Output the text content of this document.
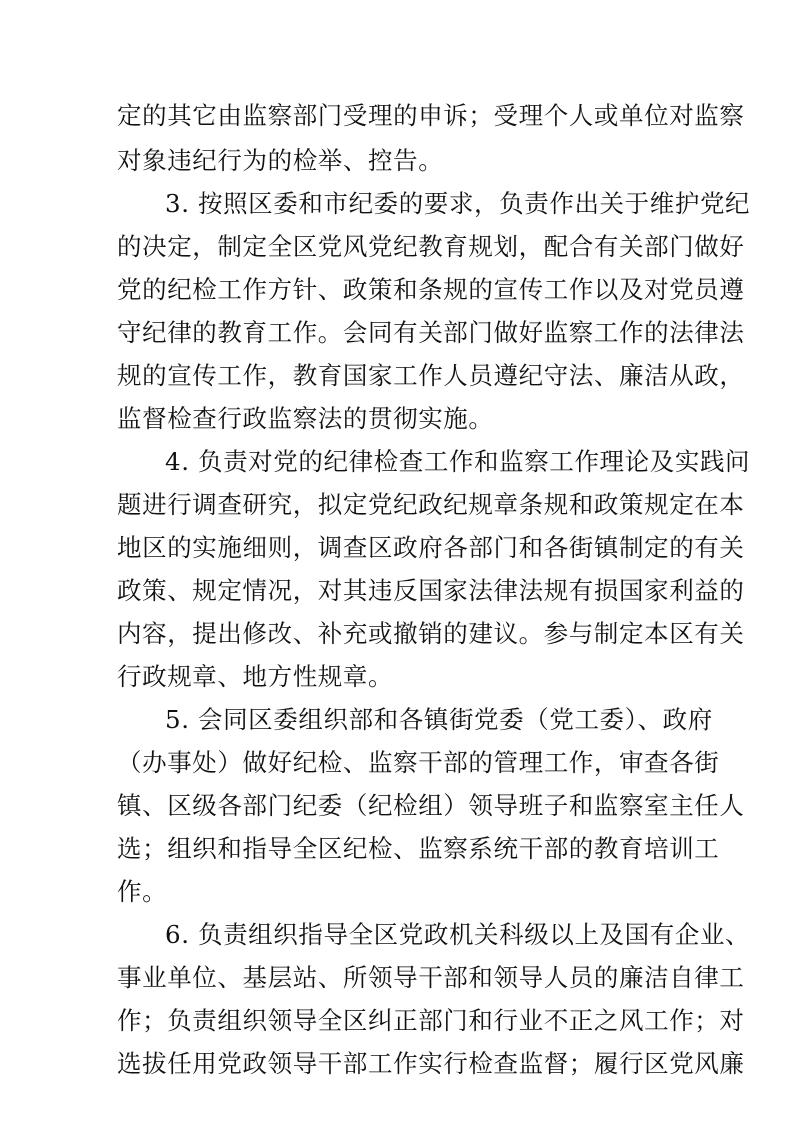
定的其它由监察部门受理的申诉；受理个人或单位对监察
对象违纪行为的检举、控告。
3. 按照区委和市纪委的要求，负责作出关于维护党纪
的决定，制定全区党风党纪教育规划，配合有关部门做好
党的纪检工作方针、政策和条规的宣传工作以及对党员遵
守纪律的教育工作。会同有关部门做好监察工作的法律法
规的宣传工作，教育国家工作人员遵纪守法、廉洁从政，
监督检查行政监察法的贯彻实施。
4. 负责对党的纪律检查工作和监察工作理论及实践问
题进行调查研究，拟定党纪政纪规章条规和政策规定在本
地区的实施细则，调查区政府各部门和各街镇制定的有关
政策、规定情况，对其违反国家法律法规有损国家利益的
内容，提出修改、补充或撤销的建议。参与制定本区有关
行政规章、地方性规章。
5. 会同区委组织部和各镇街党委（党工委）、政府
（办事处）做好纪检、监察干部的管理工作，审查各街
镇、区级各部门纪委（纪检组）领导班子和监察室主任人
选；组织和指导全区纪检、监察系统干部的教育培训工
作。
6. 负责组织指导全区党政机关科级以上及国有企业、
事业单位、基层站、所领导干部和领导人员的廉洁自律工
作；负责组织领导全区纠正部门和行业不正之风工作；对
选拔任用党政领导干部工作实行检查监督；履行区党风廉
